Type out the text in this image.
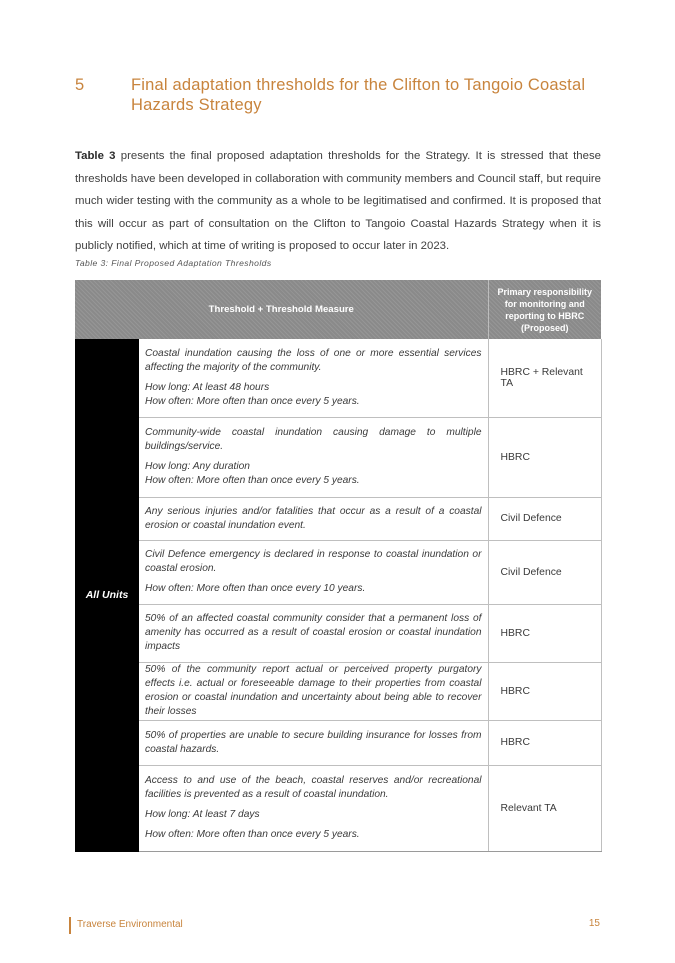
5	Final adaptation thresholds for the Clifton to Tangoio Coastal Hazards Strategy

Table 3 presents the final proposed adaptation thresholds for the Strategy. It is stressed that these thresholds have been developed in collaboration with community members and Council staff, but require much wider testing with the community as a whole to be legitimatised and confirmed. It is proposed that this will occur as part of consultation on the Clifton to Tangoio Coastal Hazards Strategy when it is publicly notified, which at time of writing is proposed to occur later in 2023.

Table 3: Final Proposed Adaptation Thresholds
Threshold + Threshold Measure		Primary responsibility for monitoring and reporting to HBRC (Proposed)
All Units	Coastal inundation causing the loss of one or more essential services affecting the majority of the community.

How long: At least 48 hours
How often: More often than once every 5 years.	HBRC + Relevant TA

	Community-wide coastal inundation causing damage to multiple buildings/service.

How long: Any duration
How often: More often than once every 5 years.	HBRC

	Any serious injuries and/or fatalities that occur as a result of a coastal erosion or coastal inundation event.	Civil Defence

	Civil Defence emergency is declared in response to coastal inundation or coastal erosion.

How often: More often than once every 10 years.	Civil Defence

	50% of an affected coastal community consider that a permanent loss of amenity has occurred as a result of coastal erosion or coastal inundation impacts	HBRC

	50% of the community report actual or perceived property purgatory effects i.e. actual or foreseeable damage to their properties from coastal erosion or coastal inundation and uncertainty about being able to recover their losses	HBRC

	50% of properties are unable to secure building insurance for losses from coastal hazards.	HBRC

	Access to and use of the beach, coastal reserves and/or recreational facilities is prevented as a result of coastal inundation.

How long: At least 7 days

How often: More often than once every 5 years.	Relevant TA
Traverse Environmental	15
